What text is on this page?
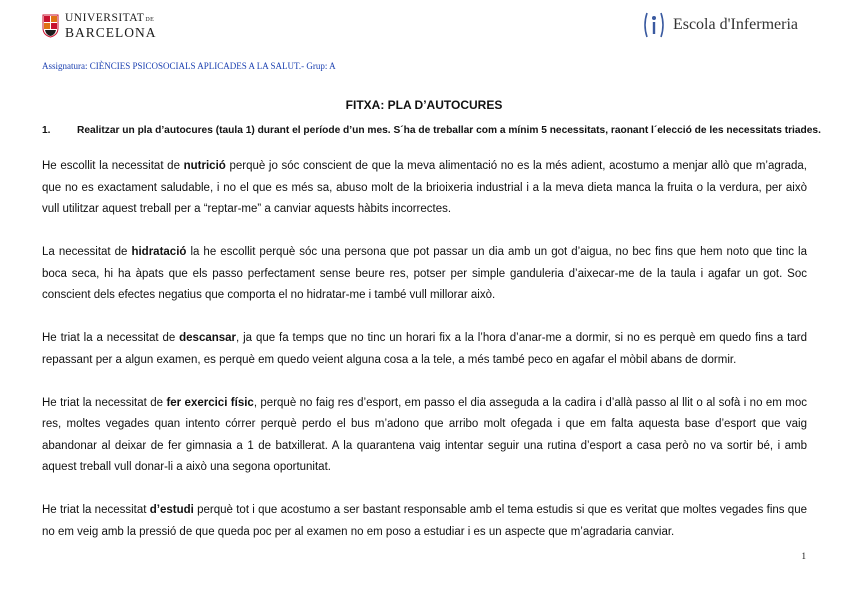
UNIVERSITAT DE
BARCELONA	Escola d'Infermeria
Assignatura: CIÈNCIES PSICOSOCIALS APLICADES A LA SALUT.- Grup: A
FITXA: PLA D’AUTOCURES
1.	Realitzar un pla d’autocures (taula 1) durant el període d’un mes. S´ha de treballar com a mínim 5 necessitats, raonant l´elecció de les necessitats triades.

He escollit la necessitat de nutrició perquè jo sóc conscient de que la meva alimentació no es la més adient, acostumo a menjar allò que m’agrada, que no es exactament saludable, i no el que es més sa, abuso molt de la brioixeria industrial i a la meva dieta manca la fruita o la verdura, per això vull utilitzar aquest treball per a “reptar-me” a canviar aquests hàbits incorrectes.

La necessitat de hidratació la he escollit perquè sóc una persona que pot passar un dia amb un got d’aigua, no bec fins que hem noto que tinc la boca seca, hi ha àpats que els passo perfectament sense beure res, potser per simple ganduleria d’aixecar-me de la taula i agafar un got. Soc conscient dels efectes negatius que comporta el no hidratar-me i també vull millorar això.

He triat la a necessitat de descansar, ja que fa temps que no tinc un horari fix a la l’hora d’anar-me a dormir, si no es perquè em quedo fins a tard repassant per a algun examen, es perquè em quedo veient alguna cosa a la tele, a més també peco en agafar el mòbil abans de dormir.

He triat la necessitat de fer exercici físic, perquè no faig res d’esport, em passo el dia asseguda a la cadira i d’allà passo al llit o al sofà i no em moc res, moltes vegades quan intento córrer perquè perdo el bus m’adono que arribo molt ofegada i que em falta aquesta base d’esport que vaig abandonar al deixar de fer gimnasia a 1 de batxillerat. A la quarantena vaig intentar seguir una rutina d’esport a casa però no va sortir bé, i amb aquest treball vull donar-li a això una segona oportunitat.

He triat la necessitat d’estudi perquè tot i que acostumo a ser bastant responsable amb el tema estudis si que es veritat que moltes vegades fins que no em veig amb la pressió de que queda poc per al examen no em poso a estudiar i es un aspecte que m’agradaria canviar.

1
